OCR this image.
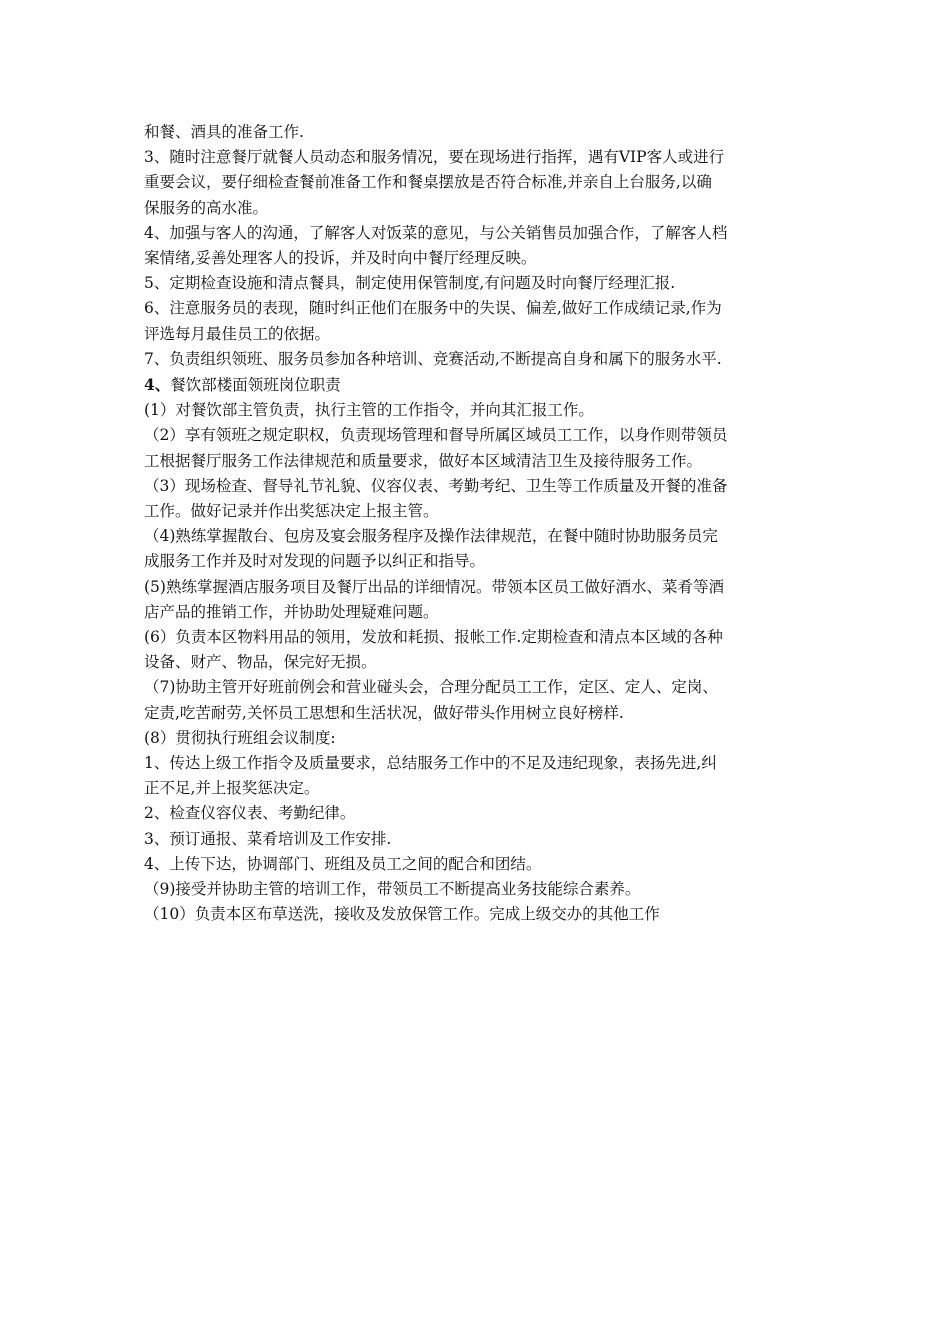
和餐、酒具的准备工作.
3、随时注意餐厅就餐人员动态和服务情况，要在现场进行指挥，遇有VIP客人或进行
重要会议，要仔细检查餐前准备工作和餐桌摆放是否符合标准,并亲自上台服务,以确
保服务的高水准。
4、加强与客人的沟通，了解客人对饭菜的意见，与公关销售员加强合作，了解客人档
案情绪,妥善处理客人的投诉，并及时向中餐厅经理反映。
5、定期检查设施和清点餐具，制定使用保管制度,有问题及时向餐厅经理汇报.
6、注意服务员的表现，随时纠正他们在服务中的失误、偏差,做好工作成绩记录,作为
评选每月最佳员工的依据。
7、负责组织领班、服务员参加各种培训、竞赛活动,不断提高自身和属下的服务水平.
4、餐饮部楼面领班岗位职责
(1）对餐饮部主管负责，执行主管的工作指令，并向其汇报工作。
（2）享有领班之规定职权，负责现场管理和督导所属区域员工工作，以身作则带领员
工根据餐厅服务工作法律规范和质量要求，做好本区域清洁卫生及接待服务工作。
（3）现场检查、督导礼节礼貌、仪容仪表、考勤考纪、卫生等工作质量及开餐的准备
工作。做好记录并作出奖惩决定上报主管。
（4)熟练掌握散台、包房及宴会服务程序及操作法律规范，在餐中随时协助服务员完
成服务工作并及时对发现的问题予以纠正和指导。
(5)熟练掌握酒店服务项目及餐厅出品的详细情况。带领本区员工做好酒水、菜肴等酒
店产品的推销工作，并协助处理疑难问题。
(6）负责本区物料用品的领用，发放和耗损、报帐工作.定期检查和清点本区域的各种
设备、财产、物品，保完好无损。
（7)协助主管开好班前例会和营业碰头会，合理分配员工工作，定区、定人、定岗、
定责,吃苦耐劳,关怀员工思想和生活状况，做好带头作用树立良好榜样.
(8）贯彻执行班组会议制度:
1、传达上级工作指令及质量要求，总结服务工作中的不足及违纪现象，表扬先进,纠
正不足,并上报奖惩决定。
2、检查仪容仪表、考勤纪律。
3、预订通报、菜肴培训及工作安排.
4、上传下达，协调部门、班组及员工之间的配合和团结。
（9)接受并协助主管的培训工作，带领员工不断提高业务技能综合素养。
（10）负责本区布草送洗，接收及发放保管工作。完成上级交办的其他工作
